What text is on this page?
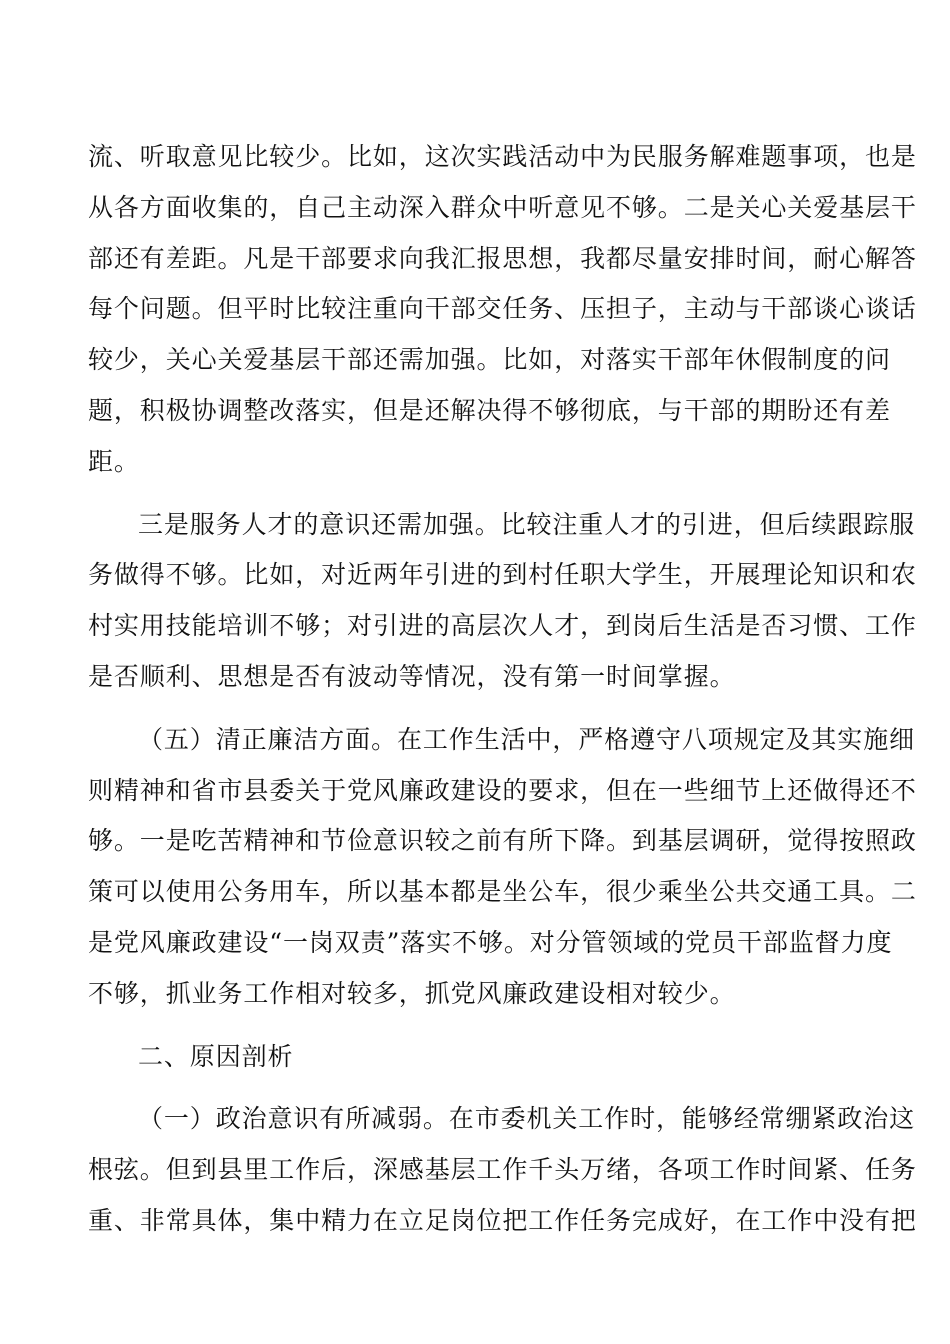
流、听取意见比较少。比如，这次实践活动中为民服务解难题事项，也是
从各方面收集的，自己主动深入群众中听意见不够。二是关心关爱基层干
部还有差距。凡是干部要求向我汇报思想，我都尽量安排时间，耐心解答
每个问题。但平时比较注重向干部交任务、压担子，主动与干部谈心谈话
较少，关心关爱基层干部还需加强。比如，对落实干部年休假制度的问
题，积极协调整改落实，但是还解决得不够彻底，与干部的期盼还有差
距。
三是服务人才的意识还需加强。比较注重人才的引进，但后续跟踪服
务做得不够。比如，对近两年引进的到村任职大学生，开展理论知识和农
村实用技能培训不够；对引进的高层次人才，到岗后生活是否习惯、工作
是否顺利、思想是否有波动等情况，没有第一时间掌握。
（五）清正廉洁方面。在工作生活中，严格遵守八项规定及其实施细
则精神和省市县委关于党风廉政建设的要求，但在一些细节上还做得还不
够。一是吃苦精神和节俭意识较之前有所下降。到基层调研，觉得按照政
策可以使用公务用车，所以基本都是坐公车，很少乘坐公共交通工具。二
是党风廉政建设“一岗双责”落实不够。对分管领域的党员干部监督力度
不够，抓业务工作相对较多，抓党风廉政建设相对较少。
二、原因剖析
（一）政治意识有所减弱。在市委机关工作时，能够经常绷紧政治这
根弦。但到县里工作后，深感基层工作千头万绪，各项工作时间紧、任务
重、非常具体，集中精力在立足岗位把工作任务完成好，在工作中没有把
